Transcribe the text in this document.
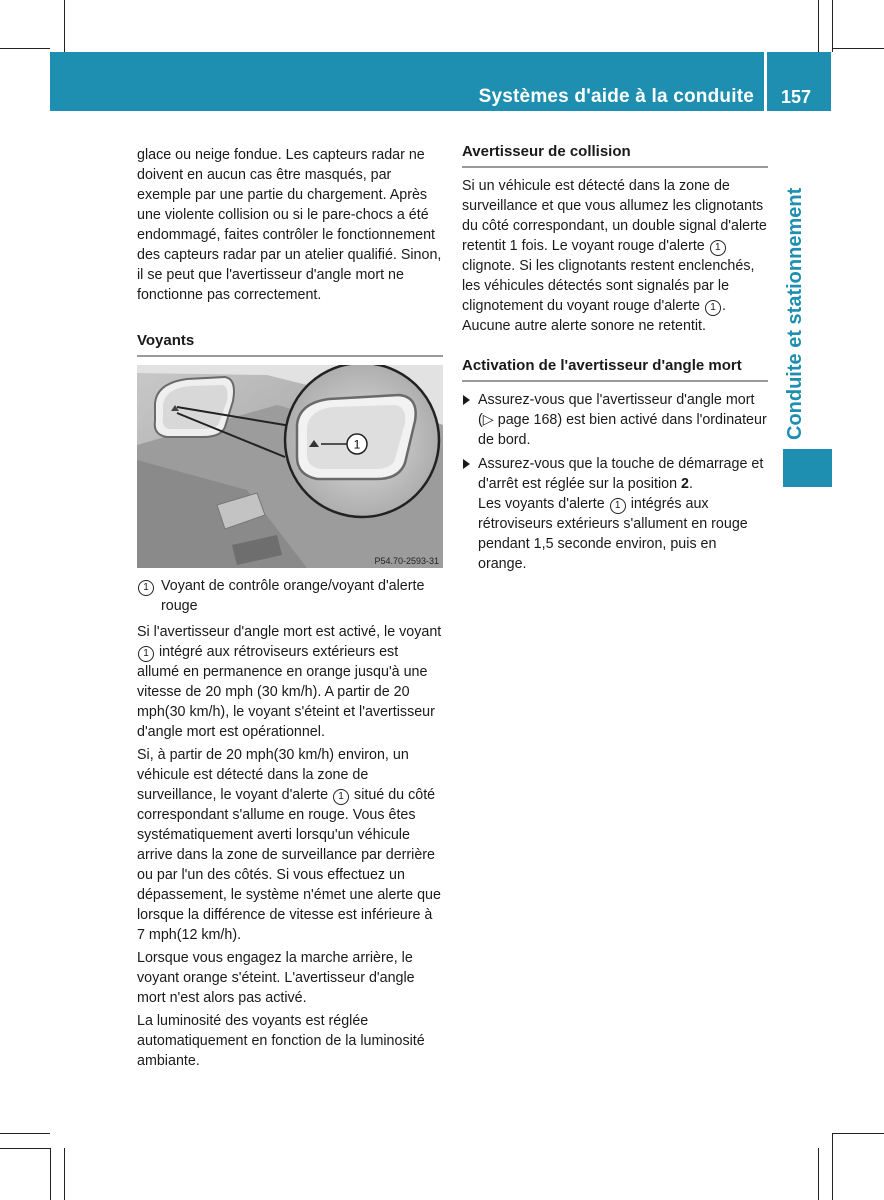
Systèmes d'aide à la conduite 157
Conduite et stationnement

glace ou neige fondue. Les capteurs radar ne doivent en aucun cas être masqués, par exemple par une partie du chargement. Après une violente collision ou si le pare-chocs a été endommagé, faites contrôler le fonctionnement des capteurs radar par un atelier qualifié. Sinon, il se peut que l'avertisseur d'angle mort ne fonctionne pas correctement.

Voyants
1
P54.70-2593-31
1 Voyant de contrôle orange/voyant d'alerte rouge

Si l'avertisseur d'angle mort est activé, le voyant 1 intégré aux rétroviseurs extérieurs est allumé en permanence en orange jusqu'à une vitesse de 20 mph (30 km/h). A partir de 20 mph(30 km/h), le voyant s'éteint et l'avertisseur d'angle mort est opérationnel.

Si, à partir de 20 mph(30 km/h) environ, un véhicule est détecté dans la zone de surveillance, le voyant d'alerte 1 situé du côté correspondant s'allume en rouge. Vous êtes systématiquement averti lorsqu'un véhicule arrive dans la zone de surveillance par derrière ou par l'un des côtés. Si vous effectuez un dépassement, le système n'émet une alerte que lorsque la différence de vitesse est inférieure à 7 mph(12 km/h).

Lorsque vous engagez la marche arrière, le voyant orange s'éteint. L'avertisseur d'angle mort n'est alors pas activé.

La luminosité des voyants est réglée automatiquement en fonction de la luminosité ambiante.

Avertisseur de collision

Si un véhicule est détecté dans la zone de surveillance et que vous allumez les clignotants du côté correspondant, un double signal d'alerte retentit 1 fois. Le voyant rouge d'alerte 1 clignote. Si les clignotants restent enclenchés, les véhicules détectés sont signalés par le clignotement du voyant rouge d'alerte 1 . Aucune autre alerte sonore ne retentit.

Activation de l'avertisseur d'angle mort
Assurez-vous que l'avertisseur d'angle mort (▷ page 168) est bien activé dans l'ordinateur de bord.
Assurez-vous que la touche de démarrage et d'arrêt est réglée sur la position 2.
Les voyants d'alerte 1 intégrés aux rétroviseurs extérieurs s'allument en rouge pendant 1,5 seconde environ, puis en orange.
